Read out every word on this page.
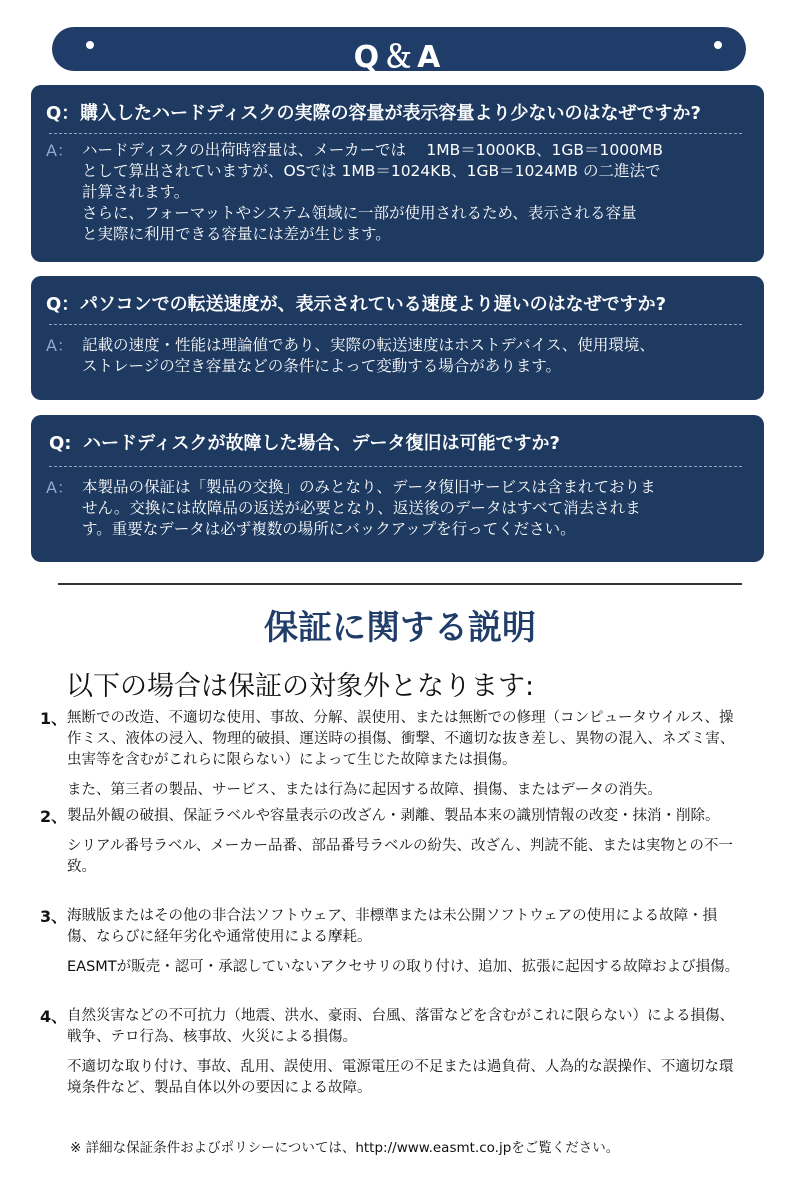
Q＆A
Q：購入したハードディスクの実際の容量が表示容量より少ないのはなぜですか?
A： ハードディスクの出荷時容量は、メーカーでは　 1MB＝1000KB、1GB＝1000MB

として算出されていますが、OSでは 1MB＝1024KB、1GB＝1024MB の二進法で

計算されます。

さらに、フォーマットやシステム領域に一部が使用されるため、表示される容量

と実際に利用できる容量には差が生じます。

Q：パソコンでの転送速度が、表示されている速度より遅いのはなぜですか?
A： 記載の速度・性能は理論値であり、実際の転送速度はホストデバイス、使用環境、

ストレージの空き容量などの条件によって変動する場合があります。

Q: ハードディスクが故障した場合、データ復旧は可能ですか?
A： 本製品の保証は「製品の交換」のみとなり、データ復旧サービスは含まれておりま

せん。交換には故障品の返送が必要となり、返送後のデータはすべて消去されま

す。重要なデータは必ず複数の場所にバックアップを行ってください。

保証に関する説明
以下の場合は保証の対象外となります:
1、 無断での改造、不適切な使用、事故、分解、誤使用、または無断での修理（コンピュータウイルス、操作ミス、液体の浸入、物理的破損、運送時の損傷、衝撃、不適切な抜き差し、異物の混入、ネズミ害、虫害等を含むがこれらに限らない）によって生じた故障または損傷。
また、第三者の製品、サービス、または行為に起因する故障、損傷、またはデータの消失。
2、 製品外観の破損、保証ラベルや容量表示の改ざん・剥離、製品本来の識別情報の改変・抹消・削除。
シリアル番号ラベル、メーカー品番、部品番号ラベルの紛失、改ざん、判読不能、または実物との不一致。
3、 海賊版またはその他の非合法ソフトウェア、非標準または未公開ソフトウェアの使用による故障・損傷、ならびに経年劣化や通常使用による摩耗。
EASMTが販売・認可・承認していないアクセサリの取り付け、追加、拡張に起因する故障および損傷。
4、 自然災害などの不可抗力（地震、洪水、豪雨、台風、落雷などを含むがこれに限らない）による損傷、戦争、テロ行為、核事故、火災による損傷。
不適切な取り付け、事故、乱用、誤使用、電源電圧の不足または過負荷、人為的な誤操作、不適切な環境条件など、製品自体以外の要因による故障。
※ 詳細な保証条件およびポリシーについては、http://www.easmt.co.jpをご覧ください。
